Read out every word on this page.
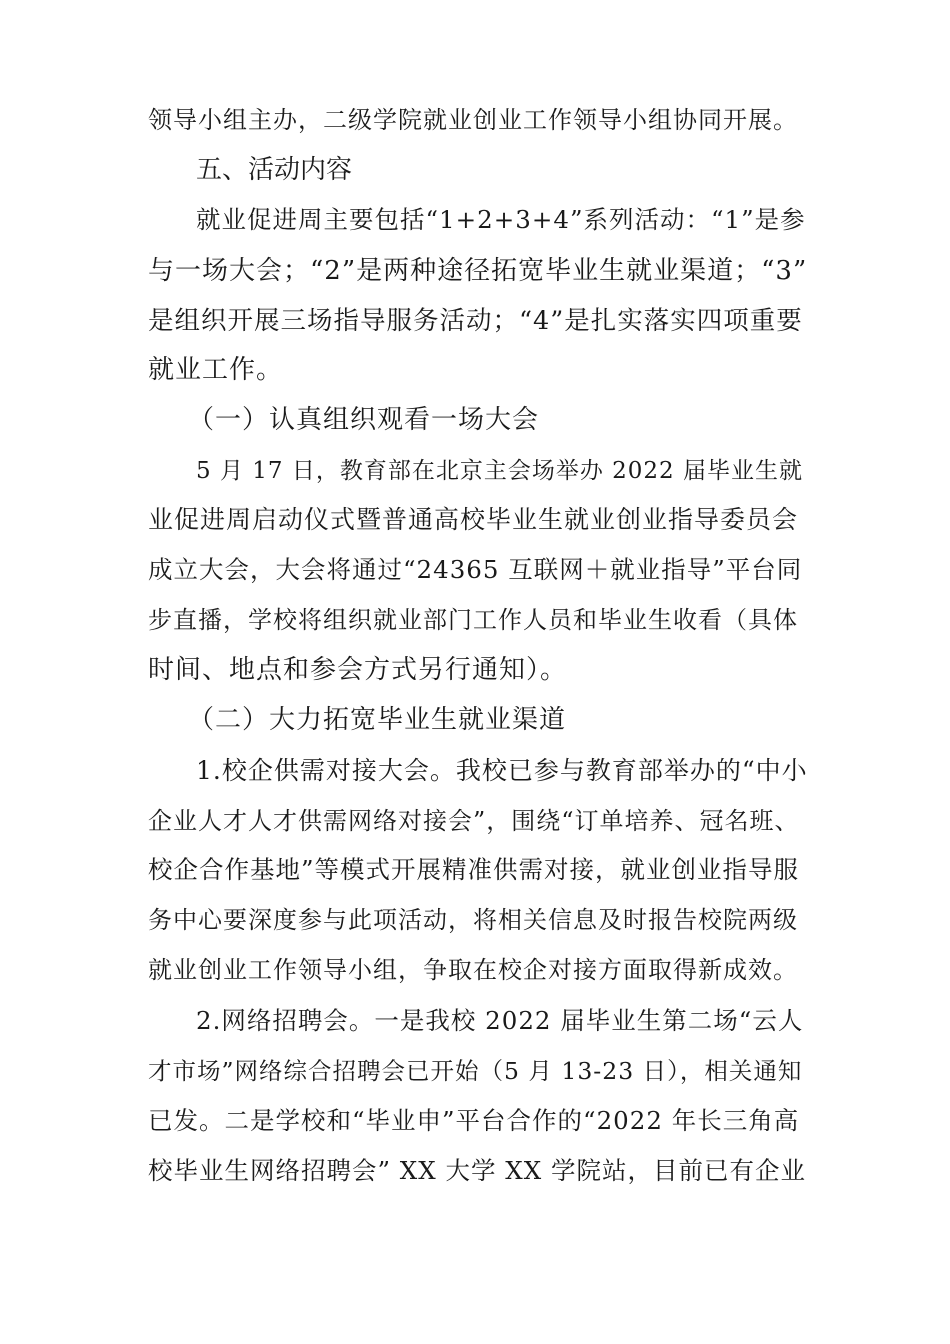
领导小组主办，二级学院就业创业工作领导小组协同开展。
五、活动内容
就业促进周主要包括“1+2+3+4”系列活动：“1”是参
与一场大会；“2”是两种途径拓宽毕业生就业渠道；“3”
是组织开展三场指导服务活动；“4”是扎实落实四项重要
就业工作。
（一）认真组织观看一场大会
5 月 17 日，教育部在北京主会场举办 2022 届毕业生就
业促进周启动仪式暨普通高校毕业生就业创业指导委员会
成立大会，大会将通过“24365 互联网＋就业指导”平台同
步直播，学校将组织就业部门工作人员和毕业生收看（具体
时间、地点和参会方式另行通知）。
（二）大力拓宽毕业生就业渠道
1.校企供需对接大会。我校已参与教育部举办的“中小
企业人才人才供需网络对接会”，围绕“订单培养、冠名班、
校企合作基地”等模式开展精准供需对接，就业创业指导服
务中心要深度参与此项活动，将相关信息及时报告校院两级
就业创业工作领导小组，争取在校企对接方面取得新成效。
2.网络招聘会。一是我校 2022 届毕业生第二场“云人
才市场”网络综合招聘会已开始（5 月 13-23 日），相关通知
已发。二是学校和“毕业申”平台合作的“2022 年长三角高
校毕业生网络招聘会” XX 大学 XX 学院站，目前已有企业
